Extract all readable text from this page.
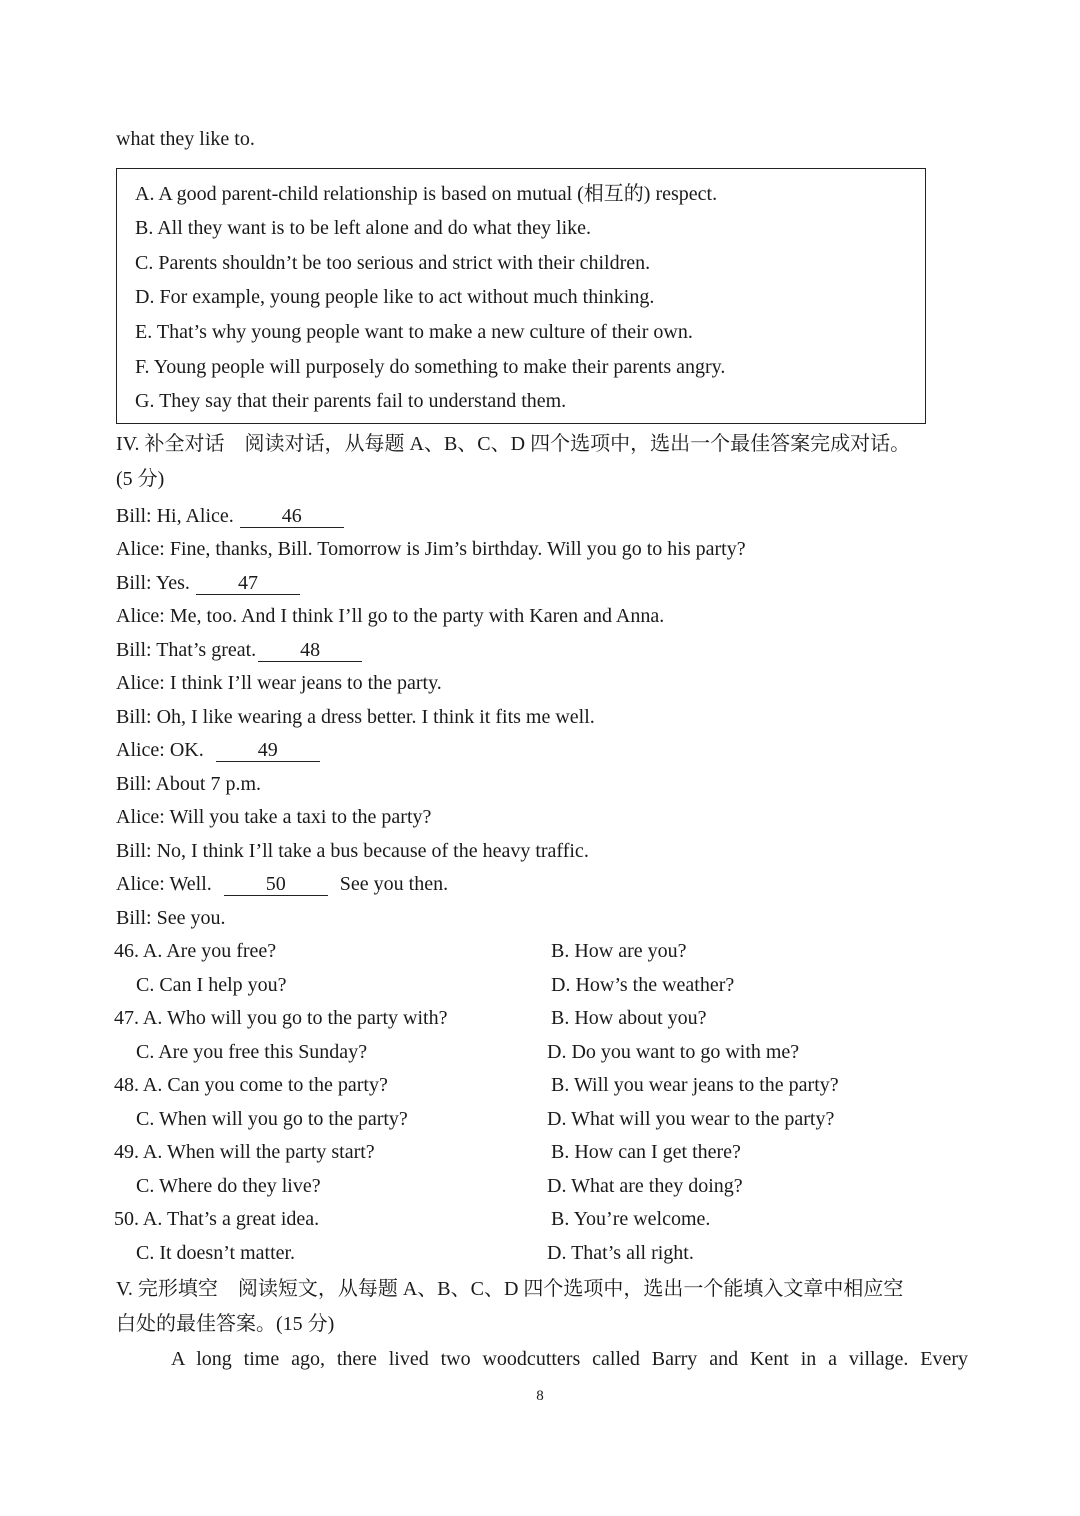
what they like to.
A. A good parent-child relationship is based on mutual (相互的) respect.
B. All they want is to be left alone and do what they like.
C. Parents shouldn’t be too serious and strict with their children.
D. For example, young people like to act without much thinking.
E. That’s why young people want to make a new culture of their own.
F. Young people will purposely do something to make their parents angry.
G. They say that their parents fail to understand them.
IV. 补全对话　阅读对话，从每题 A、B、C、D 四个选项中，选出一个最佳答案完成对话。
(5 分)
Bill: Hi, Alice. 46
Alice: Fine, thanks, Bill. Tomorrow is Jim’s birthday. Will you go to his party?
Bill: Yes. 47
Alice: Me, too. And I think I’ll go to the party with Karen and Anna.
Bill: That’s great. 48
Alice: I think I’ll wear jeans to the party.
Bill: Oh, I like wearing a dress better. I think it fits me well.
Alice: OK.	49
Bill: About 7 p.m.
Alice: Will you take a taxi to the party?
Bill: No, I think I’ll take a bus because of the heavy traffic.
Alice: Well.	50	See you then.
Bill: See you.
46. A. Are you free?	B. How are you?
C. Can I help you?	D. How’s the weather?
47. A. Who will you go to the party with?	B. How about you?
C. Are you free this Sunday?	D. Do you want to go with me?
48. A. Can you come to the party?	B. Will you wear jeans to the party?
C. When will you go to the party?	D. What will you wear to the party?
49. A. When will the party start?	B. How can I get there?
C. Where do they live?	D. What are they doing?
50. A. That’s a great idea.	B. You’re welcome.
C. It doesn’t matter.	D. That’s all right.
V. 完形填空　阅读短文，从每题 A、B、C、D 四个选项中，选出一个能填入文章中相应空
白处的最佳答案。(15 分)
A long time ago, there lived two woodcutters called Barry and Kent in a village. Every
8
